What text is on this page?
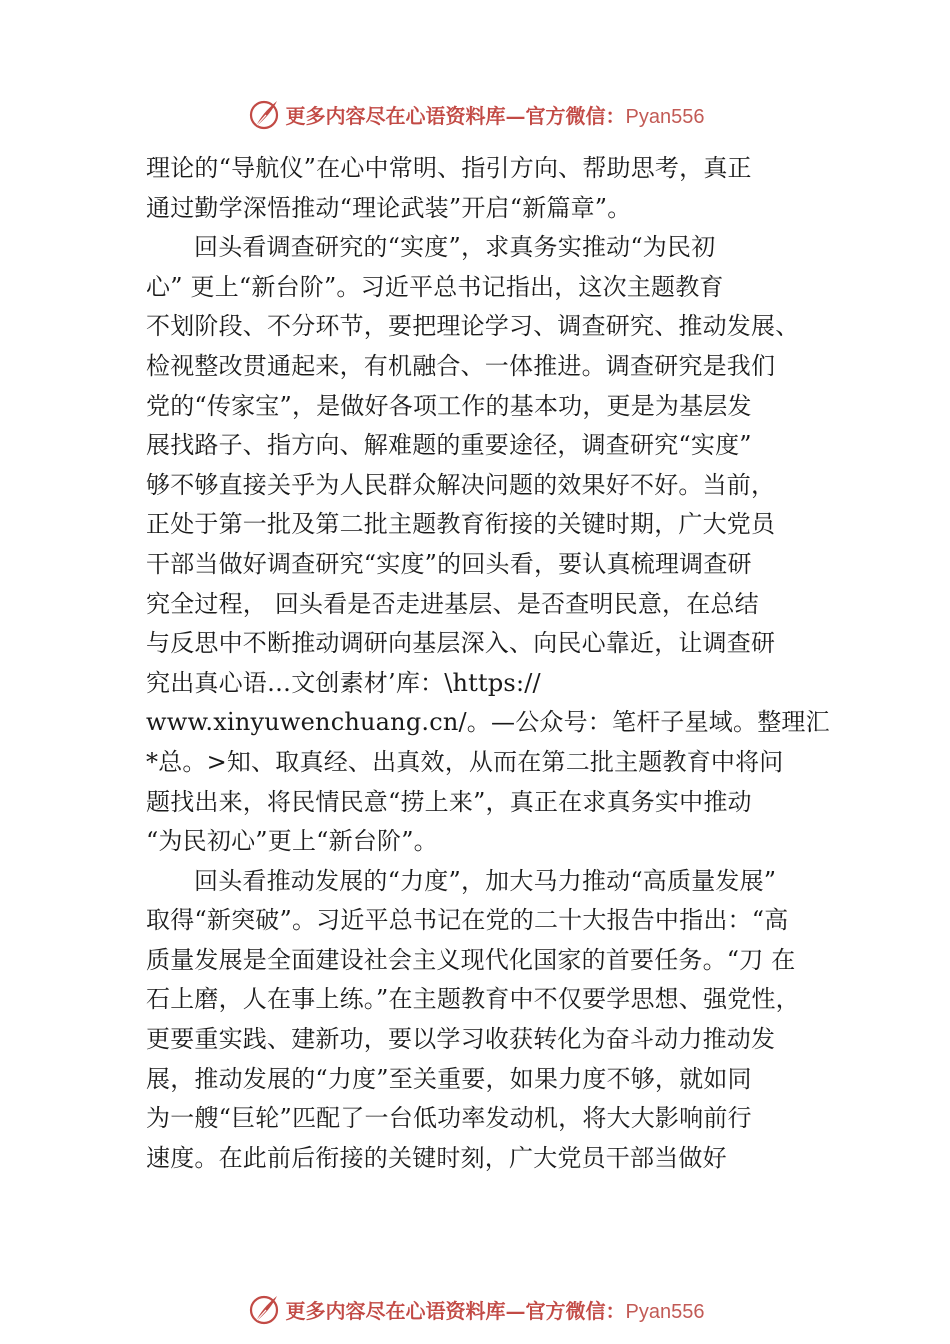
更多内容尽在心语资料库—官方微信：Pyan556
理论的“导航仪”在心中常明、指引方向、帮助思考，真正
通过勤学深悟推动“理论武装”开启“新篇章”。
回头看调查研究的“实度”，求真务实推动“为民初
心” 更上“新台阶”。习近平总书记指出，这次主题教育
不划阶段、不分环节，要把理论学习、调查研究、推动发展、
检视整改贯通起来，有机融合、一体推进。调查研究是我们
党的“传家宝”，是做好各项工作的基本功，更是为基层发
展找路子、指方向、解难题的重要途径，调查研究“实度”
够不够直接关乎为人民群众解决问题的效果好不好。当前，
正处于第一批及第二批主题教育衔接的关键时期，广大党员
干部当做好调查研究“实度”的回头看，要认真梳理调查研
究全过程， 回头看是否走进基层、是否查明民意，在总结
与反思中不断推动调研向基层深入、向民心靠近，让调查研
究出真心语…文创素材’库：\https://
www.xinyuwenchuang.cn/。—公众号：笔杆子星域。整理汇
*总。>知、取真经、出真效，从而在第二批主题教育中将问
题找出来，将民情民意“捞上来”，真正在求真务实中推动
“为民初心”更上“新台阶”。
回头看推动发展的“力度”，加大马力推动“高质量发展”
取得“新突破”。习近平总书记在党的二十大报告中指出：“高
质量发展是全面建设社会主义现代化国家的首要任务。“刀 在
石上磨，人在事上练。”在主题教育中不仅要学思想、强党性，
更要重实践、建新功，要以学习收获转化为奋斗动力推动发
展，推动发展的“力度”至关重要，如果力度不够，就如同
为一艘“巨轮”匹配了一台低功率发动机，将大大影响前行
速度。在此前后衔接的关键时刻，广大党员干部当做好
更多内容尽在心语资料库—官方微信：Pyan556
